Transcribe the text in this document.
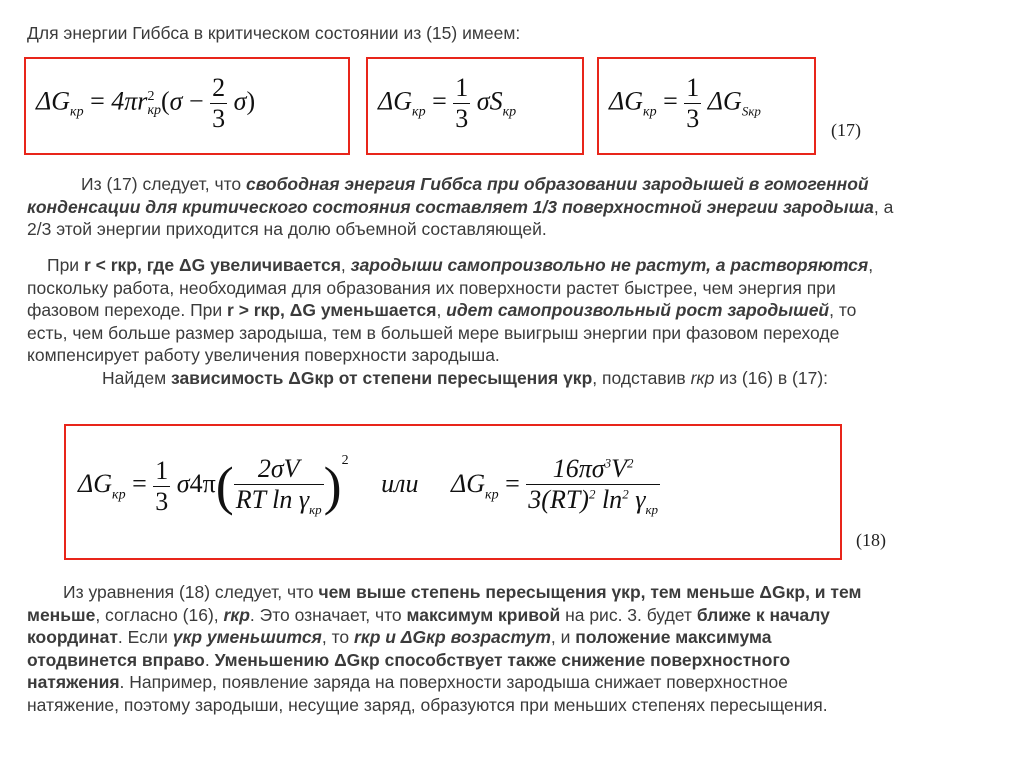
Для энергии Гиббса в критическом состоянии из (15) имеем:

$\Delta G_{кр} = 4\pi r$ 2
кр $(\sigma - \frac{2}{3} \sigma)$	$\Delta G_{кр} = \frac{1}{3} \sigma S_{кр}$	$\Delta G_{кр} = \frac{1}{3} \Delta G_{Sкр}$
(17)
Из (17) следует, что свободная энергия Гиббса при образовании зародышей в гомогенной
конденсации для критического состояния составляет 1/3 поверхностной энергии зародыша, а
2/3 этой энергии приходится на долю объемной составляющей.
При r < rкр, где ΔG увеличивается, зародыши самопроизвольно не растут, а растворяются,
поскольку работа, необходимая для образования их поверхности растет быстрее, чем энергия при
фазовом переходе. При r > rкр, ΔG уменьшается, идет самопроизвольный рост зародышей, то
есть, чем больше размер зародыша, тем в большей мере выигрыш энергии при фазовом переходе
компенсирует работу увеличения поверхности зародыша.
Найдем зависимость ΔGкр от степени пересыщения γкр, подставив rкр из (16) в (17):
$\Delta G_{кр} = \frac{1}{3} \sigma 4\pi( \frac{2\sigma V}{RT \ln \gamma_{кр}} )^2$ или $\Delta G_{кр} = \frac{16\pi\sigma^3V^2}{3(RT)^2 \ln^2 \gamma_{кр}}$
(18)
Из уравнения (18) следует, что чем выше степень пересыщения γкр, тем меньше ΔGкр, и тем
меньше, согласно (16), rкр. Это означает, что максимум кривой на рис. 3. будет ближе к началу
координат. Если γкр уменьшится, то rкр и ΔGкр возрастут, и положение максимума
отодвинется вправо. Уменьшению ΔGкр способствует также снижение поверхностного
натяжения. Например, появление заряда на поверхности зародыша снижает поверхностное
натяжение, поэтому зародыши, несущие заряд, образуются при меньших степенях пересыщения.
